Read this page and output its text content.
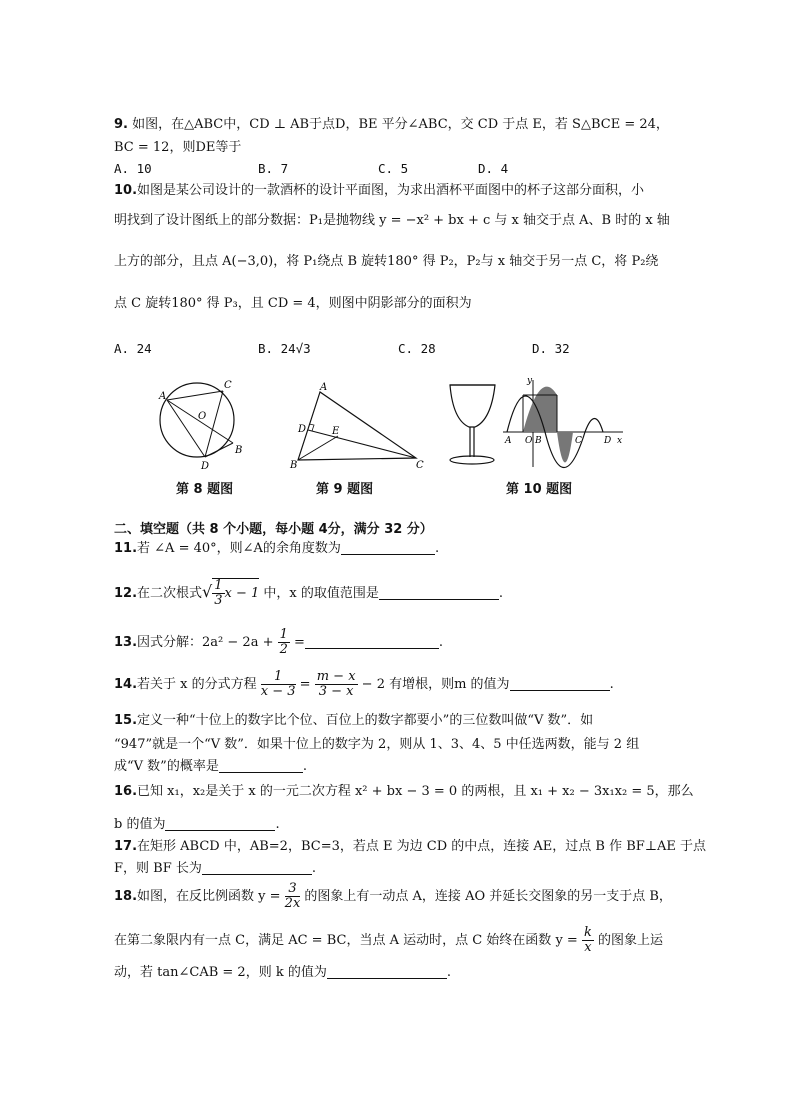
9. 如图，在△ABC中，CD ⊥ AB于点D，BE 平分∠ABC，交 CD 于点 E，若 S△BCE = 24，
BC = 12，则DE等于
A. 10	B. 7	C. 5	D. 4
10.如图是某公司设计的一款酒杯的设计平面图，为求出酒杯平面图中的杯子这部分面积，小
明找到了设计图纸上的部分数据：P₁是抛物线 y = −x² + bx + c 与 x 轴交于点 A、B 时的 x 轴
上方的部分，且点 A(−3,0)，将 P₁绕点 B 旋转180° 得 P₂，P₂与 x 轴交于另一点 C，将 P₂绕
点 C 旋转180° 得 P₃，且 CD = 4，则图中阴影部分的面积为
A. 24	B. 24√3	C. 28	D. 32
A
C
O
B
D
A
D	E
B	C
y
A O B	C D x
第 8 题图	第 9 题图	第 10 题图
二、填空题（共 8 个小题，每小题 4分，满分 32 分）
11.若 ∠A = 40°，则∠A的余角度数为	.
12.在二次根式√ $\frac{1}{3}$ x − 1 中，x 的取值范围是	.
13.因式分解：$2a^2 - 2a + \frac{1}{2}$ =	.
14.若关于 x 的分式方程 $\frac{1}{x - 3} = \frac{m - x}{3 - x} - 2$ 有增根，则m 的值为	.
15.定义一种“十位上的数字比个位、百位上的数字都要小”的三位数叫做“V 数”．如
“947”就是一个“V 数”．如果十位上的数字为 2，则从 1、3、4、5 中任选两数，能与 2 组
成“V 数”的概率是	.
16.已知 x₁，x₂是关于 x 的一元二次方程 x² + bx − 3 = 0 的两根，且 x₁ + x₂ − 3x₁x₂ = 5，那么
b 的值为	.
17.在矩形 ABCD 中，AB=2，BC=3，若点 E 为边 CD 的中点，连接 AE，过点 B 作 BF⊥AE 于点
F，则 BF 长为	.
18.如图，在反比例函数 $y = \frac{3}{2x}$ 的图象上有一动点 A，连接 AO 并延长交图象的另一支于点 B，
在第二象限内有一点 C，满足 AC = BC，当点 A 运动时，点 C 始终在函数 $y = \frac{k}{x}$ 的图象上运
动，若 tan∠CAB = 2，则 k 的值为	.
